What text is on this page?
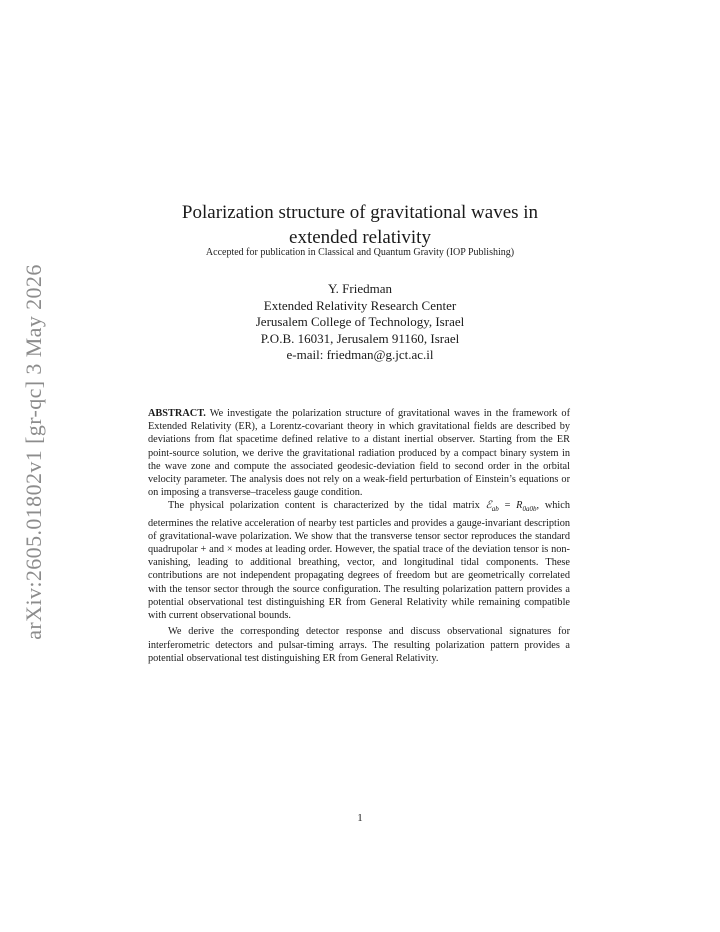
arXiv:2605.01802v1 [gr-qc] 3 May 2026
Polarization structure of gravitational waves in
extended relativity
Accepted for publication in Classical and Quantum Gravity (IOP Publishing)
Y. Friedman
Extended Relativity Research Center
Jerusalem College of Technology, Israel
P.O.B. 16031, Jerusalem 91160, Israel
e-mail: friedman@g.jct.ac.il

ABSTRACT. We investigate the polarization structure of gravitational waves in the framework of Extended Relativity (ER), a Lorentz-covariant theory in which gravitational fields are described by deviations from flat spacetime defined relative to a distant inertial observer. Starting from the ER point-source solution, we derive the gravitational radiation produced by a compact binary system in the wave zone and compute the associated geodesic-deviation field to second order in the orbital velocity parameter. The analysis does not rely on a weak-field perturbation of Einstein’s equations or on imposing a transverse–traceless gauge condition.

The physical polarization content is characterized by the tidal matrix ℰ$_{ab}$ = $R_{0a0b}$, which determines the relative acceleration of nearby test particles and provides a gauge-invariant description of gravitational-wave polarization. We show that the transverse tensor sector reproduces the standard quadrupolar + and × modes at leading order. However, the spatial trace of the deviation tensor is non-vanishing, leading to additional breathing, vector, and longitudinal tidal components. These contributions are not independent propagating degrees of freedom but are geometrically correlated with the tensor sector through the source configuration. The resulting polarization pattern provides a potential observational test distinguishing ER from General Relativity while remaining compatible with current observational bounds.

We derive the corresponding detector response and discuss observational signatures for interferometric detectors and pulsar-timing arrays. The resulting polarization pattern provides a potential observational test distinguishing ER from General Relativity.

1
